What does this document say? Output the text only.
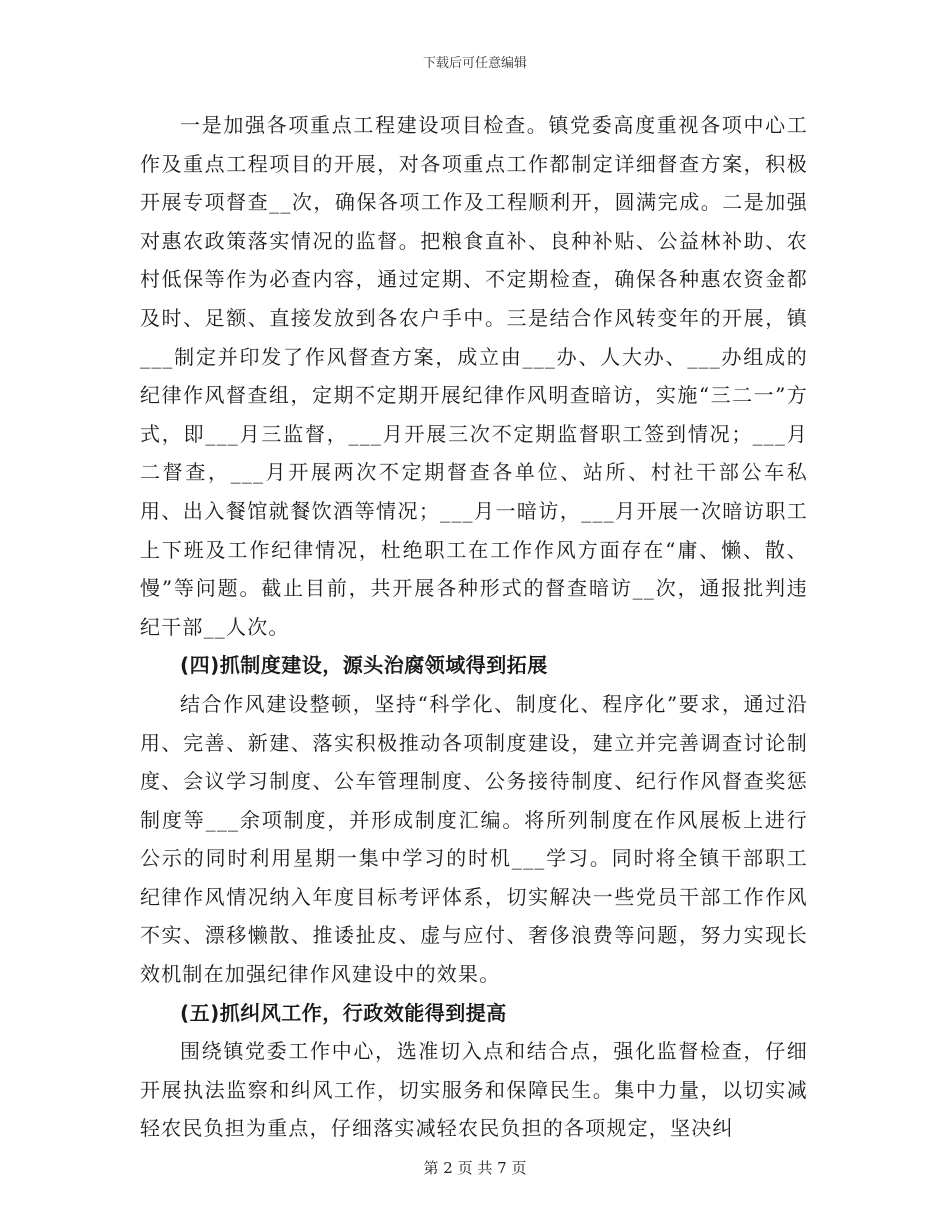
下载后可任意编辑

一是加强各项重点工程建设项目检查。镇党委高度重视各项中心工作及重点工程项目的开展，对各项重点工作都制定详细督查方案，积极开展专项督查__次，确保各项工作及工程顺利开，圆满完成。二是加强对惠农政策落实情况的监督。把粮食直补、良种补贴、公益林补助、农村低保等作为必查内容，通过定期、不定期检查，确保各种惠农资金都及时、足额、直接发放到各农户手中。三是结合作风转变年的开展，镇___制定并印发了作风督查方案，成立由___办、人大办、___办组成的纪律作风督查组，定期不定期开展纪律作风明查暗访，实施“三二一”方式，即___月三监督，___月开展三次不定期监督职工签到情况；___月二督查，___月开展两次不定期督查各单位、站所、村社干部公车私用、出入餐馆就餐饮酒等情况；___月一暗访，___月开展一次暗访职工上下班及工作纪律情况，杜绝职工在工作作风方面存在“庸、懒、散、慢”等问题。截止目前，共开展各种形式的督查暗访__次，通报批判违纪干部__人次。

(四)抓制度建设，源头治腐领域得到拓展

结合作风建设整顿，坚持“科学化、制度化、程序化”要求，通过沿用、完善、新建、落实积极推动各项制度建设，建立并完善调查讨论制度、会议学习制度、公车管理制度、公务接待制度、纪行作风督查奖惩制度等___余项制度，并形成制度汇编。将所列制度在作风展板上进行公示的同时利用星期一集中学习的时机___学习。同时将全镇干部职工纪律作风情况纳入年度目标考评体系，切实解决一些党员干部工作作风不实、漂移懒散、推诿扯皮、虚与应付、奢侈浪费等问题，努力实现长效机制在加强纪律作风建设中的效果。

(五)抓纠风工作，行政效能得到提高

围绕镇党委工作中心，选准切入点和结合点，强化监督检查，仔细开展执法监察和纠风工作，切实服务和保障民生。集中力量，以切实减轻农民负担为重点，仔细落实减轻农民负担的各项规定，坚决纠

第 2 页 共 7 页
